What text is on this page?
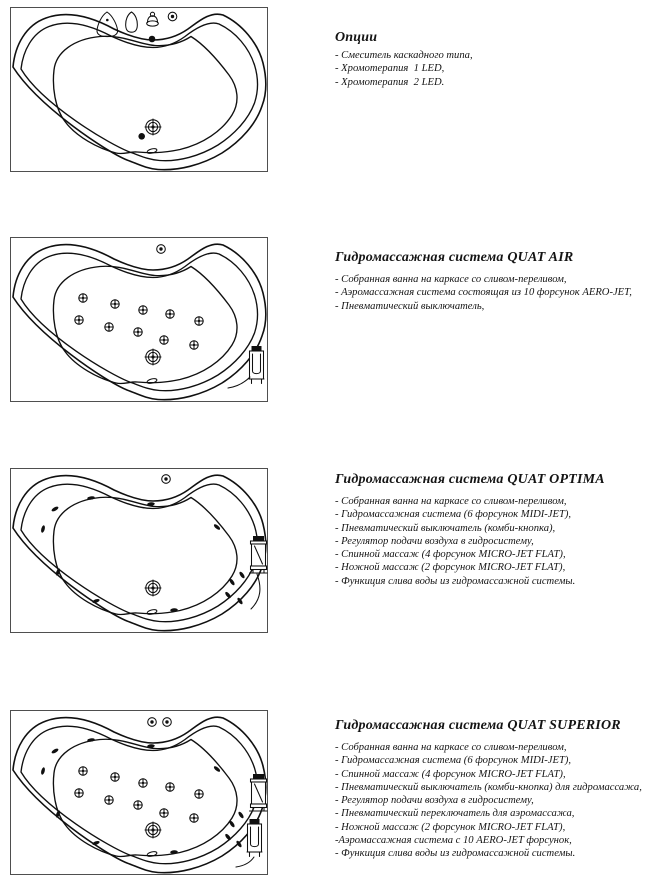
Опции
- Смеситель каскадного типа,
- Хромотерапия  1 LED,
- Хромотерапия  2 LED.
Гидромассажная система QUAT AIR
- Собранная ванна на каркасе со сливом-переливом,
- Аэромассажная система состоящая из 10 форсунок AERO-JET,
- Пневматический выключатель,
Гидромассажная система QUAT OPTIMA
- Собранная ванна на каркасе со сливом-переливом,
- Гидромассажная система (6 форсунок MIDI-JET),
- Пневматический выключатель (комби-кнопка),
- Регулятор подачи воздуха в гидросистему,
- Спинной массаж (4 форсунок MICRO-JET FLAT),
- Ножной массаж (2 форсунок MICRO-JET FLAT),
- Функиция слива воды из гидромассажной системы.
Гидромассажная система QUAT SUPERIOR
- Собранная ванна на каркасе со сливом-переливом,
- Гидромассажная система (6 форсунок MIDI-JET),
- Спинной массаж (4 форсунок MICRO-JET FLAT),
- Пневматический выключатель (комби-кнопка) для гидромассажа,
- Регулятор подачи воздуха в гидросистему,
- Пневматический переключатель для аэромассажа,
- Ножной массаж (2 форсунок MICRO-JET FLAT),
-Аэромассажная система с 10 AERO-JET форсунок,
- Функиция слива воды из гидромассажной системы.
